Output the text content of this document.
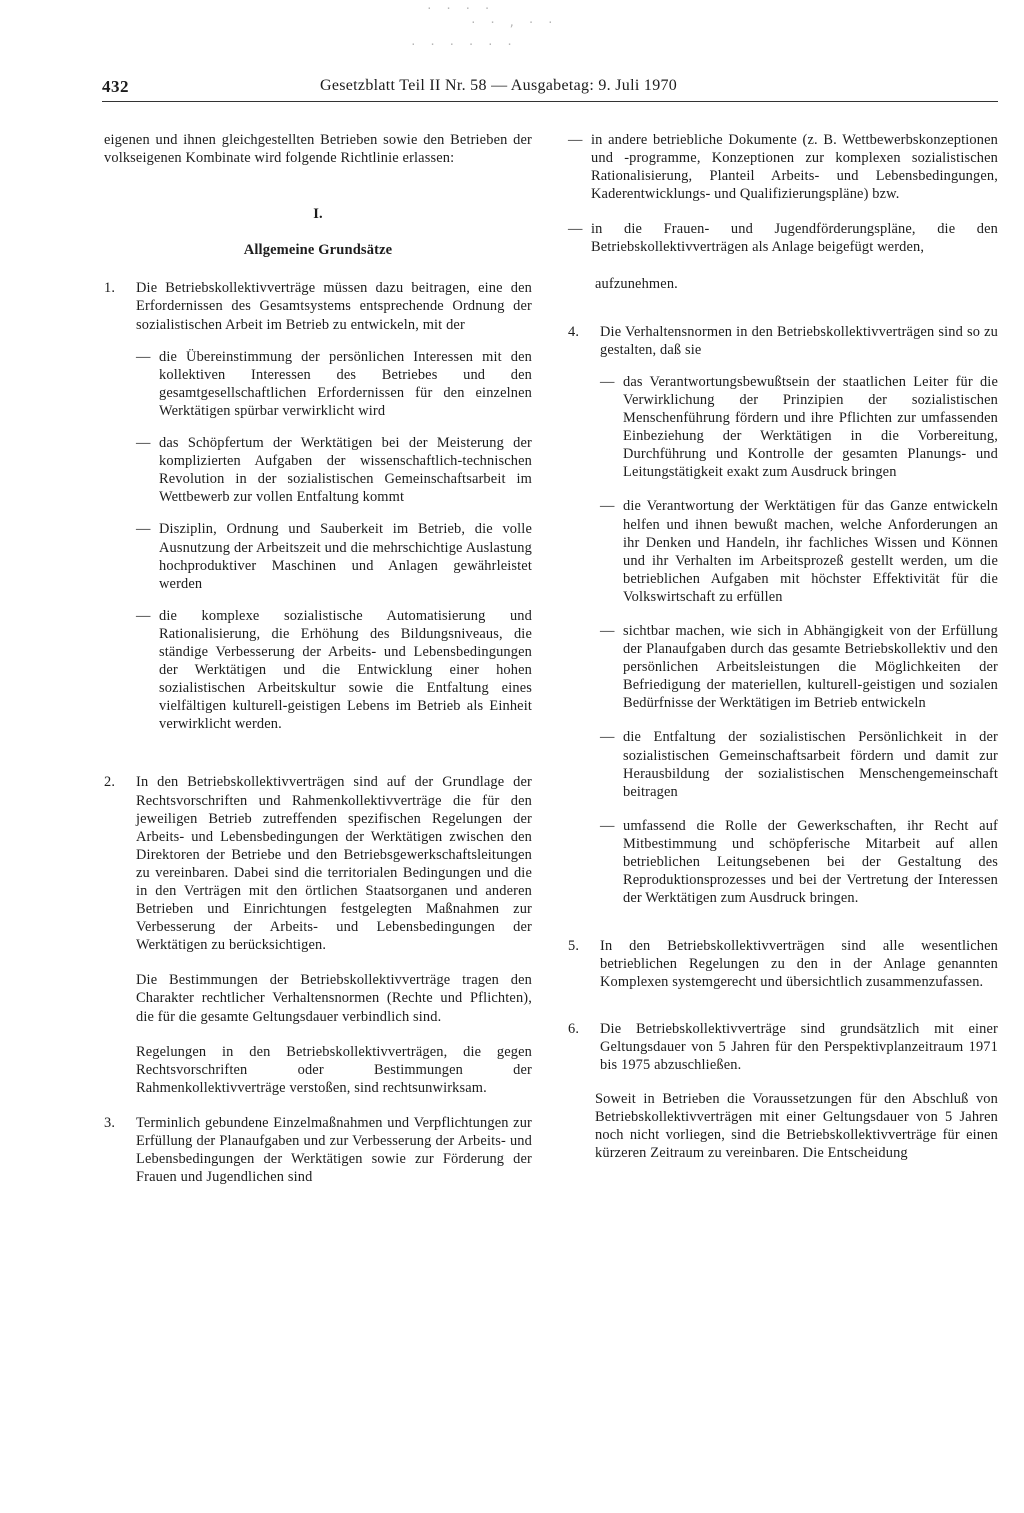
· · · ·
· · , · ·
· · · · · ·
432	Gesetzblatt Teil II Nr. 58 — Ausgabetag: 9. Juli 1970

eigenen und ihnen gleichgestellten Betrieben sowie den Betrieben der volkseigenen Kombinate wird folgende Richtlinie erlassen:

I.

Allgemeine Grundsätze

1.	Die Betriebskollektivverträge müssen dazu beitragen, eine den Erfordernissen des Gesamtsystems entsprechende Ordnung der sozialistischen Arbeit im Betrieb zu entwickeln, mit der

— die Übereinstimmung der persönlichen Interessen mit den kollektiven Interessen des Betriebes und den gesamtgesellschaftlichen Erfordernissen für den einzelnen Werktätigen spürbar verwirklicht wird
— das Schöpfertum der Werktätigen bei der Meisterung der komplizierten Aufgaben der wissenschaftlich-technischen Revolution in der sozialistischen Gemeinschaftsarbeit im Wettbewerb zur vollen Entfaltung kommt
— Disziplin, Ordnung und Sauberkeit im Betrieb, die volle Ausnutzung der Arbeitszeit und die mehrschichtige Auslastung hochproduktiver Maschinen und Anlagen gewährleistet werden
— die komplexe sozialistische Automatisierung und Rationalisierung, die Erhöhung des Bildungsniveaus, die ständige Verbesserung der Arbeits- und Lebensbedingungen der Werktätigen und die Entwicklung einer hohen sozialistischen Arbeitskultur sowie die Entfaltung eines vielfältigen kulturell-geistigen Lebens im Betrieb als Einheit verwirklicht werden.
2.	In den Betriebskollektivverträgen sind auf der Grundlage der Rechtsvorschriften und Rahmenkollektivverträge die für den jeweiligen Betrieb zutreffenden spezifischen Regelungen der Arbeits- und Lebensbedingungen der Werktätigen zwischen den Direktoren der Betriebe und den Betriebsgewerkschaftsleitungen zu vereinbaren. Dabei sind die territorialen Bedingungen und die in den Verträgen mit den örtlichen Staatsorganen und anderen Betrieben und Einrichtungen festgelegten Maßnahmen zur Verbesserung der Arbeits- und Lebensbedingungen der Werktätigen zu berücksichtigen.

Die Bestimmungen der Betriebskollektivverträge tragen den Charakter rechtlicher Verhaltensnormen (Rechte und Pflichten), die für die gesamte Geltungsdauer verbindlich sind.

Regelungen in den Betriebskollektivverträgen, die gegen Rechtsvorschriften oder Bestimmungen der Rahmenkollektivverträge verstoßen, sind rechtsunwirksam.

3.	Terminlich gebundene Einzelmaßnahmen und Verpflichtungen zur Erfüllung der Planaufgaben und zur Verbesserung der Arbeits- und Lebensbedingungen der Werktätigen sowie zur Förderung der Frauen und Jugendlichen sind

— in andere betriebliche Dokumente (z. B. Wettbewerbskonzeptionen und -programme, Konzeptionen zur komplexen sozialistischen Rationalisierung, Planteil Arbeits- und Lebensbedingungen, Kaderentwicklungs- und Qualifizierungspläne) bzw.
— in die Frauen- und Jugendförderungspläne, die den Betriebskollektivverträgen als Anlage beigefügt werden,

aufzunehmen.

4.	Die Verhaltensnormen in den Betriebskollektivverträgen sind so zu gestalten, daß sie

— das Verantwortungsbewußtsein der staatlichen Leiter für die Verwirklichung der Prinzipien der sozialistischen Menschenführung fördern und ihre Pflichten zur umfassenden Einbeziehung der Werktätigen in die Vorbereitung, Durchführung und Kontrolle der gesamten Planungs- und Leitungstätigkeit exakt zum Ausdruck bringen
— die Verantwortung der Werktätigen für das Ganze entwickeln helfen und ihnen bewußt machen, welche Anforderungen an ihr Denken und Handeln, ihr fachliches Wissen und Können und ihr Verhalten im Arbeitsprozeß gestellt werden, um die betrieblichen Aufgaben mit höchster Effektivität für die Volkswirtschaft zu erfüllen
— sichtbar machen, wie sich in Abhängigkeit von der Erfüllung der Planaufgaben durch das gesamte Betriebskollektiv und den persönlichen Arbeitsleistungen die Möglichkeiten der Befriedigung der materiellen, kulturell-geistigen und sozialen Bedürfnisse der Werktätigen im Betrieb entwickeln
— die Entfaltung der sozialistischen Persönlichkeit in der sozialistischen Gemeinschaftsarbeit fördern und damit zur Herausbildung der sozialistischen Menschengemeinschaft beitragen
— umfassend die Rolle der Gewerkschaften, ihr Recht auf Mitbestimmung und schöpferische Mitarbeit auf allen betrieblichen Leitungsebenen bei der Gestaltung des Reproduktionsprozesses und bei der Vertretung der Interessen der Werktätigen zum Ausdruck bringen.
5.	In den Betriebskollektivverträgen sind alle wesentlichen betrieblichen Regelungen zu den in der Anlage genannten Komplexen systemgerecht und übersichtlich zusammenzufassen.

6.	Die Betriebskollektivverträge sind grundsätzlich mit einer Geltungsdauer von 5 Jahren für den Perspektivplanzeitraum 1971 bis 1975 abzuschließen.

Soweit in Betrieben die Voraussetzungen für den Abschluß von Betriebskollektivverträgen mit einer Geltungsdauer von 5 Jahren noch nicht vorliegen, sind die Betriebskollektivverträge für einen kürzeren Zeitraum zu vereinbaren. Die Entscheidung
